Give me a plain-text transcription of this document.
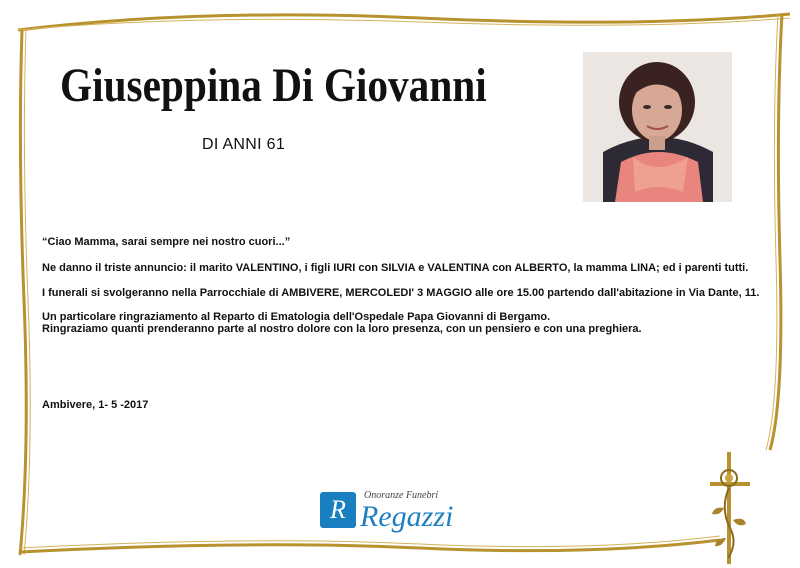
Giuseppina Di Giovanni
DI ANNI 61
“Ciao Mamma, sarai sempre nei nostro cuori...”
Ne danno il triste annuncio: il marito VALENTINO, i figli IURI con SILVIA e VALENTINA con ALBERTO, la mamma LINA; ed i parenti tutti.
I funerali si svolgeranno nella Parrocchiale di AMBIVERE, MERCOLEDI' 3 MAGGIO alle ore 15.00 partendo dall'abitazione in Via Dante, 11.
Un particolare ringraziamento al Reparto di Ematologia dell'Ospedale Papa Giovanni di Bergamo.
Ringraziamo quanti prenderanno parte al nostro dolore con la loro presenza, con un pensiero e con una preghiera.
Ambivere, 1- 5 -2017
R	Onoranze Funebri
Regazzi
